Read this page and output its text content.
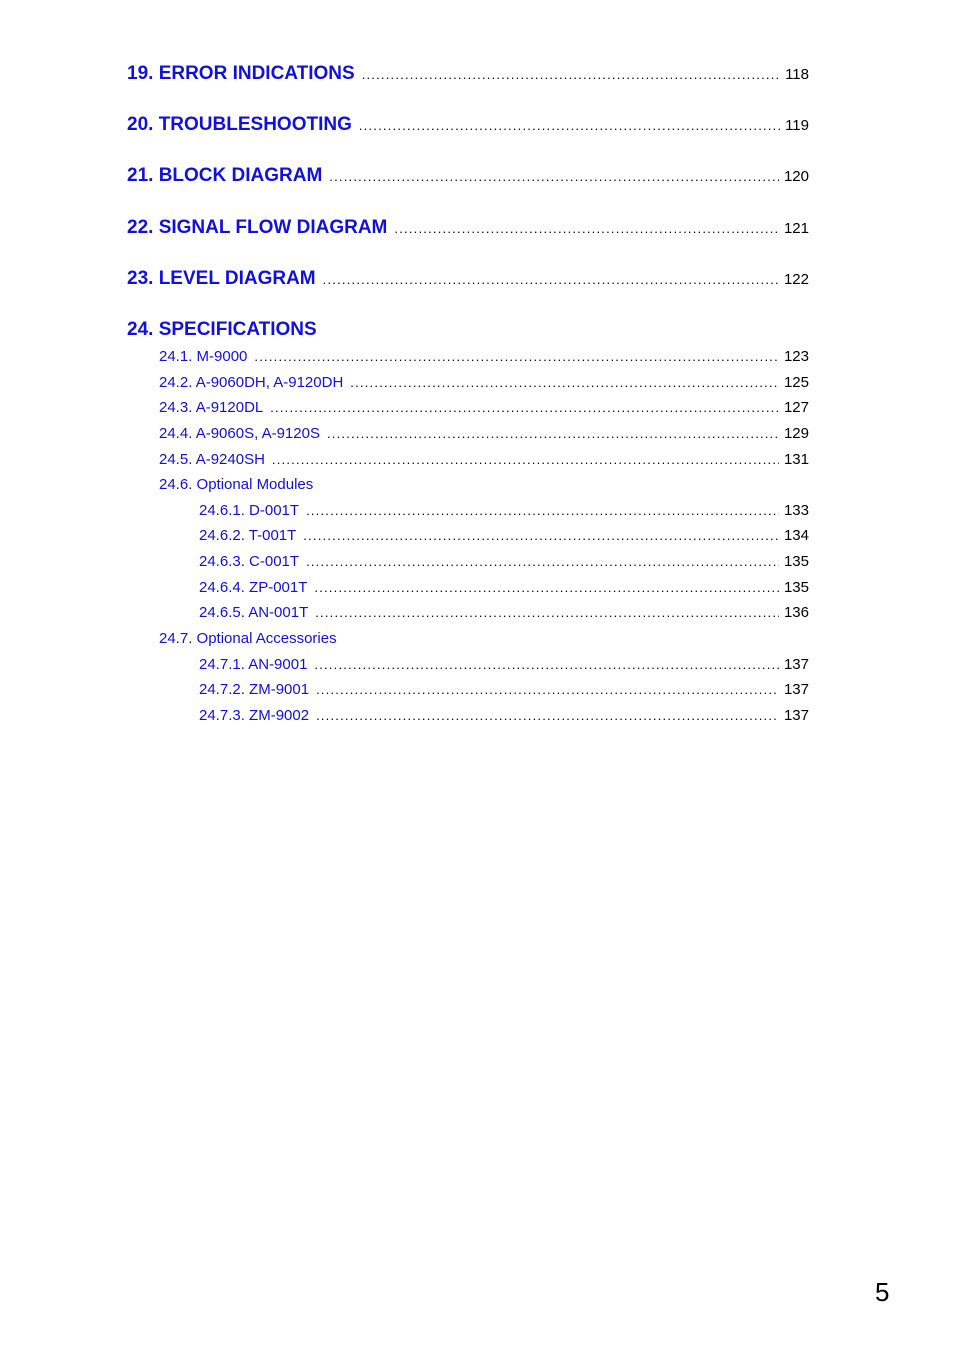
19. ERROR INDICATIONS .....	118
20. TROUBLESHOOTING .....	119
21. BLOCK DIAGRAM .....	120
22. SIGNAL FLOW DIAGRAM .....	121
23. LEVEL DIAGRAM .....	122
24. SPECIFICATIONS
24.1. M-9000 .....	123
24.2. A-9060DH, A-9120DH .....	125
24.3. A-9120DL .....	127
24.4. A-9060S, A-9120S .....	129
24.5. A-9240SH .....	131
24.6. Optional Modules
24.6.1. D-001T .....	133
24.6.2. T-001T .....	134
24.6.3. C-001T .....	135
24.6.4. ZP-001T .....	135
24.6.5. AN-001T .....	136
24.7. Optional Accessories
24.7.1. AN-9001 .....	137
24.7.2. ZM-9001 .....	137
24.7.3. ZM-9002 .....	137
5
